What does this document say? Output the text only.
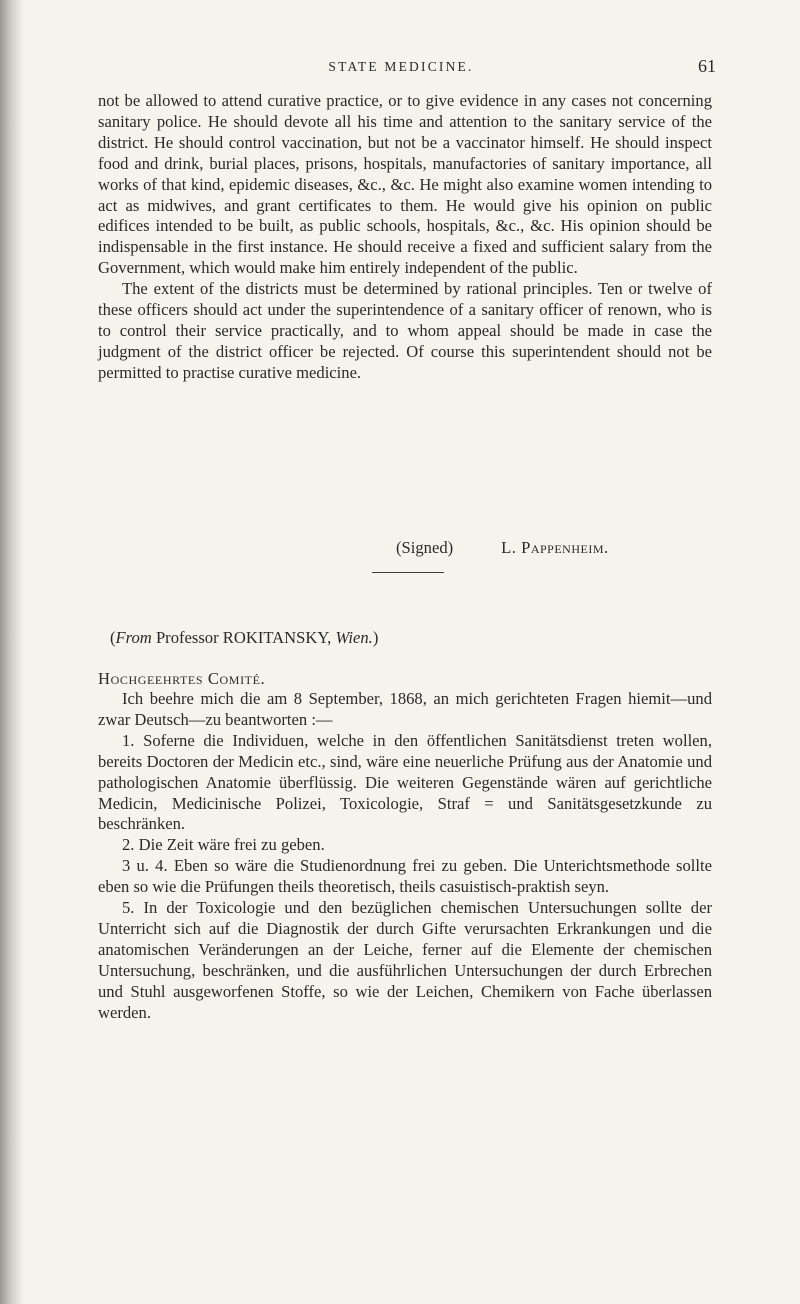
STATE MEDICINE.	61

not be allowed to attend curative practice, or to give evidence in any cases not concerning sanitary police. He should devote all his time and attention to the sanitary service of the district. He should control vaccination, but not be a vaccinator himself. He should inspect food and drink, burial places, prisons, hospitals, manufactories of sanitary importance, all works of that kind, epidemic diseases, &c., &c. He might also examine women intending to act as midwives, and grant certificates to them. He would give his opinion on public edifices intended to be built, as public schools, hospitals, &c., &c. His opinion should be indispensable in the first instance. He should receive a fixed and sufficient salary from the Government, which would make him entirely independent of the public.

The extent of the districts must be determined by rational principles. Ten or twelve of these officers should act under the superintendence of a sanitary officer of renown, who is to control their service practically, and to whom appeal should be made in case the judgment of the district officer be rejected. Of course this superintendent should not be permitted to practise curative medicine.

(Signed)	L. Pappenheim.
(From Professor ROKITANSKY, Wien.)
Hochgeehrtes Comité.

Ich beehre mich die am 8 September, 1868, an mich gerichteten Fragen hiemit—und zwar Deutsch—zu beantworten :—

1. Soferne die Individuen, welche in den öffentlichen Sanitätsdienst treten wollen, bereits Doctoren der Medicin etc., sind, wäre eine neuerliche Prüfung aus der Anatomie und pathologischen Anatomie überflüssig. Die weiteren Gegenstände wären auf gerichtliche Medicin, Medicinische Polizei, Toxicologie, Straf = und Sanitätsgesetzkunde zu beschränken.

2. Die Zeit wäre frei zu geben.

3 u. 4. Eben so wäre die Studienordnung frei zu geben. Die Unterichtsmethode sollte eben so wie die Prüfungen theils theoretisch, theils casuistisch-praktish seyn.

5. In der Toxicologie und den bezüglichen chemischen Untersuchungen sollte der Unterricht sich auf die Diagnostik der durch Gifte verursachten Erkrankungen und die anatomischen Veränderungen an der Leiche, ferner auf die Elemente der chemischen Untersuchung, beschränken, und die ausführlichen Untersuchungen der durch Erbrechen und Stuhl ausgeworfenen Stoffe, so wie der Leichen, Chemikern von Fache überlassen werden.
